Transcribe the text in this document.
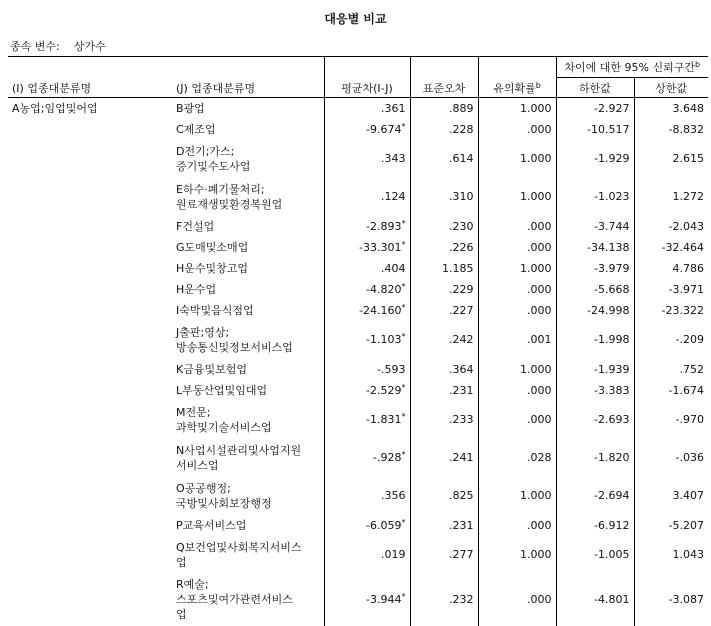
대응별 비교
종속 변수: 상가수
					차이에 대한 95% 신뢰구간$^b$
(I) 업종대분류명	(J) 업종대분류명	평균차(I-J)	표준오차	유의확률$^b$	하한값	상한값
A농업;임업및어업	B광업	.361	.889	1.000	-2.927	3.648

	C제조업	-9.674*	.228	.000	-10.517	-8.832

	D전기;가스;
증기및수도사업	.343	.614	1.000	-1.929	2.615

	E하수·폐기물처리;
원료재생및환경복원업	.124	.310	1.000	-1.023	1.272

	F건설업	-2.893*	.230	.000	-3.744	-2.043

	G도매및소매업	-33.301*	.226	.000	-34.138	-32.464

	H운수및창고업	.404	1.185	1.000	-3.979	4.786

	H운수업	-4.820*	.229	.000	-5.668	-3.971

	I숙박및음식점업	-24.160*	.227	.000	-24.998	-23.322

	J출판;영상;
방송통신및정보서비스업	-1.103*	.242	.001	-1.998	-.209

	K금융및보험업	-.593	.364	1.000	-1.939	.752

	L부동산업및임대업	-2.529*	.231	.000	-3.383	-1.674

	M전문;
과학및기술서비스업	-1.831*	.233	.000	-2.693	-.970

	N사업시설관리및사업지원
서비스업	-.928*	.241	.028	-1.820	-.036

	O공공행정;
국방및사회보장행정	.356	.825	1.000	-2.694	3.407

	P교육서비스업	-6.059*	.231	.000	-6.912	-5.207

	Q보건업및사회복지서비스
업	.019	.277	1.000	-1.005	1.043

	R예술;
스포츠및여가관련서비스
업	-3.944*	.232	.000	-4.801	-3.087
